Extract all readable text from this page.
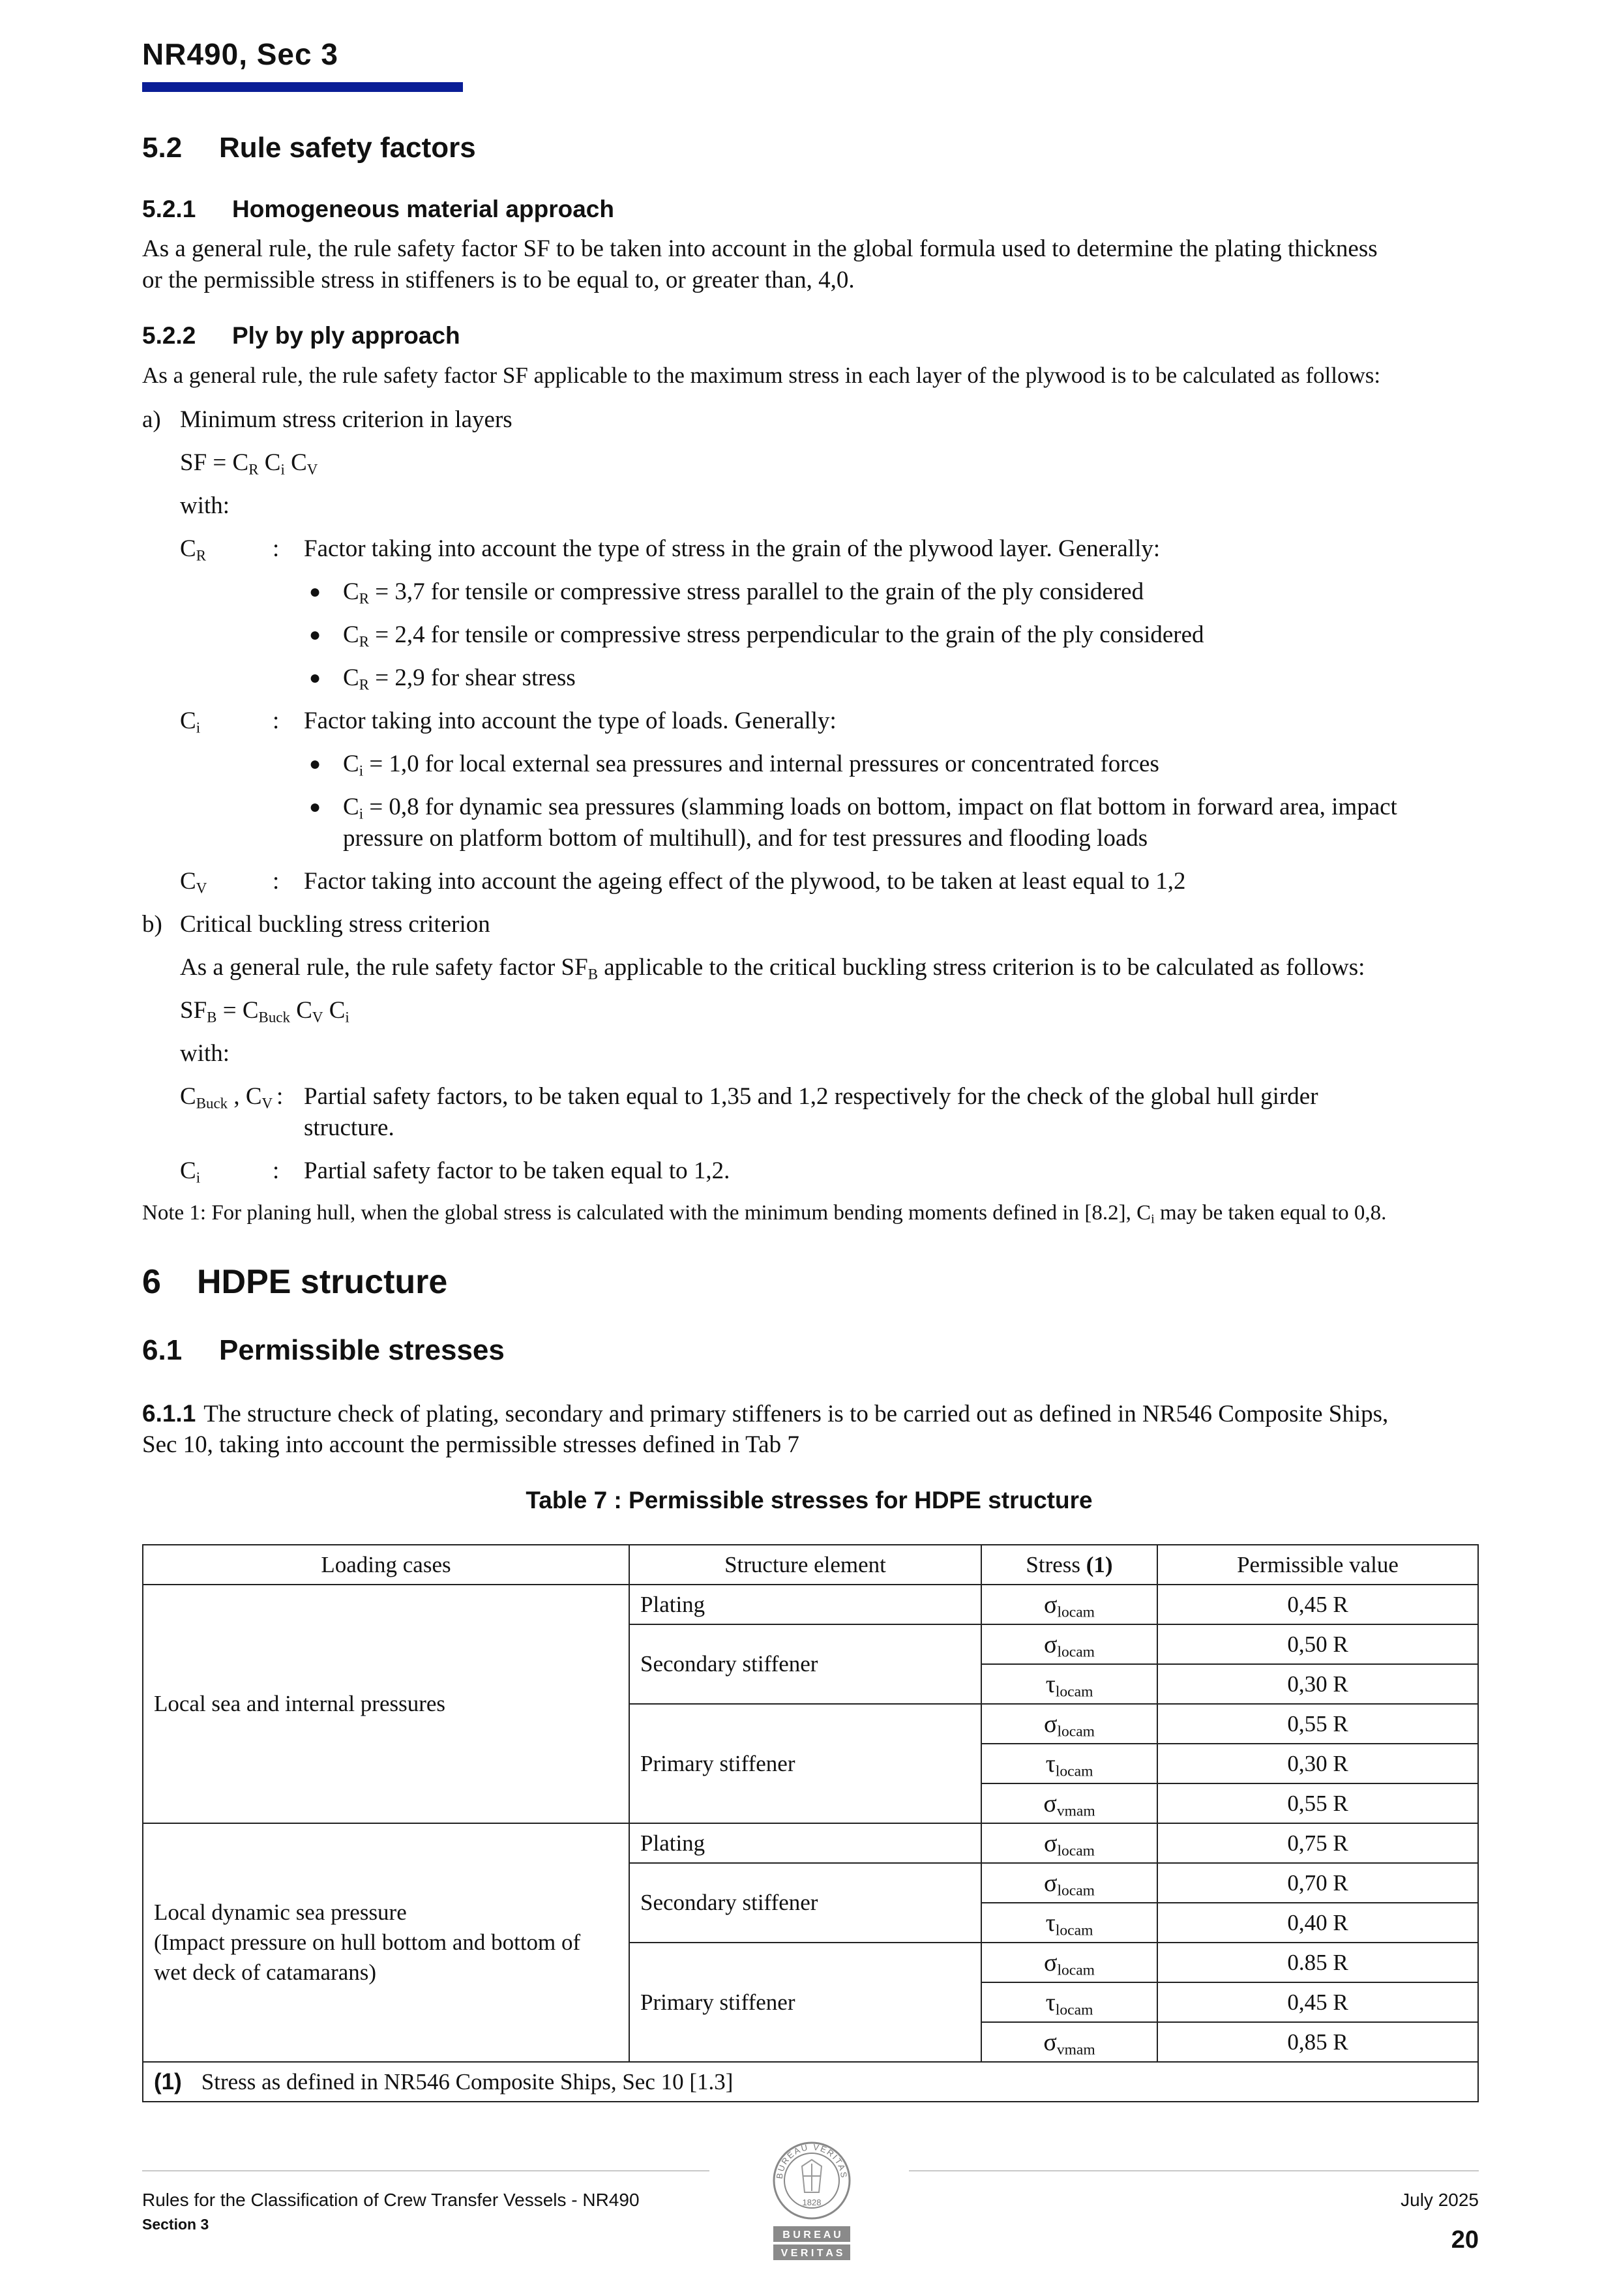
NR490, Sec 3
5.2 Rule safety factors
5.2.1 Homogeneous material approach
As a general rule, the rule safety factor SF to be taken into account in the global formula used to determine the plating thickness
or the permissible stress in stiffeners is to be equal to, or greater than, 4,0.
5.2.2 Ply by ply approach
As a general rule, the rule safety factor SF applicable to the maximum stress in each layer of the plywood is to be calculated as follows:
a) Minimum stress criterion in layers
SF = $C_R$ $C_i$ $C_V$
with:
$C_R$	: Factor taking into account the type of stress in the grain of the plywood layer. Generally:
● $C_R = 3,7$ for tensile or compressive stress parallel to the grain of the ply considered
● $C_R = 2,4$ for tensile or compressive stress perpendicular to the grain of the ply considered
● $C_R = 2,9$ for shear stress
$C_i$	: Factor taking into account the type of loads. Generally:
● $C_i = 1,0$ for local external sea pressures and internal pressures or concentrated forces
● $C_i = 0,8$ for dynamic sea pressures (slamming loads on bottom, impact on flat bottom in forward area, impact
pressure on platform bottom of multihull), and for test pressures and flooding loads
$C_V$	: Factor taking into account the ageing effect of the plywood, to be taken at least equal to 1,2
b) Critical buckling stress criterion
As a general rule, the rule safety factor $SF_B$ applicable to the critical buckling stress criterion is to be calculated as follows:
$SF_B = C_{Buck}$ $C_V$ $C_i$
with:
$C_{Buck}$ , $C_V$ : Partial safety factors, to be taken equal to 1,35 and 1,2 respectively for the check of the global hull girder
structure.
$C_i$	: Partial safety factor to be taken equal to 1,2.
Note 1: For planing hull, when the global stress is calculated with the minimum bending moments defined in [8.2], $C_i$ may be taken equal to 0,8.
6 HDPE structure
6.1 Permissible stresses
6.1.1 The structure check of plating, secondary and primary stiffeners is to be carried out as defined in NR546 Composite Ships,
Sec 10, taking into account the permissible stresses defined in Tab 7
Table 7 : Permissible stresses for HDPE structure
Loading cases	Structure element	Stress (1)	Permissible value
Local sea and internal pressures	Plating	$\sigma_{locam}$	0,45 R
	Secondary stiffener	$\sigma_{locam}$	0,50 R
		$\tau_{locam}$	0,30 R
	Primary stiffener	$\sigma_{locam}$	0,55 R
		$\tau_{locam}$	0,30 R
		$\sigma_{vmam}$	0,55 R

Local dynamic sea pressure
(Impact pressure on hull bottom and bottom of
wet deck of catamarans)	Plating	$\sigma_{locam}$	0,75 R
	Secondary stiffener	$\sigma_{locam}$	0,70 R
		$\tau_{locam}$	0,40 R
	Primary stiffener	$\sigma_{locam}$	0.85 R
		$\tau_{locam}$	0,45 R
		$\sigma_{vmam}$	0,85 R
(1) Stress as defined in NR546 Composite Ships, Sec 10 [1.3]			
Rules for the Classification of Crew Transfer Vessels - NR490
Section 3
July 2025
20
BUREAU VERITAS
1828
B U R E A U
V E R I T A S
